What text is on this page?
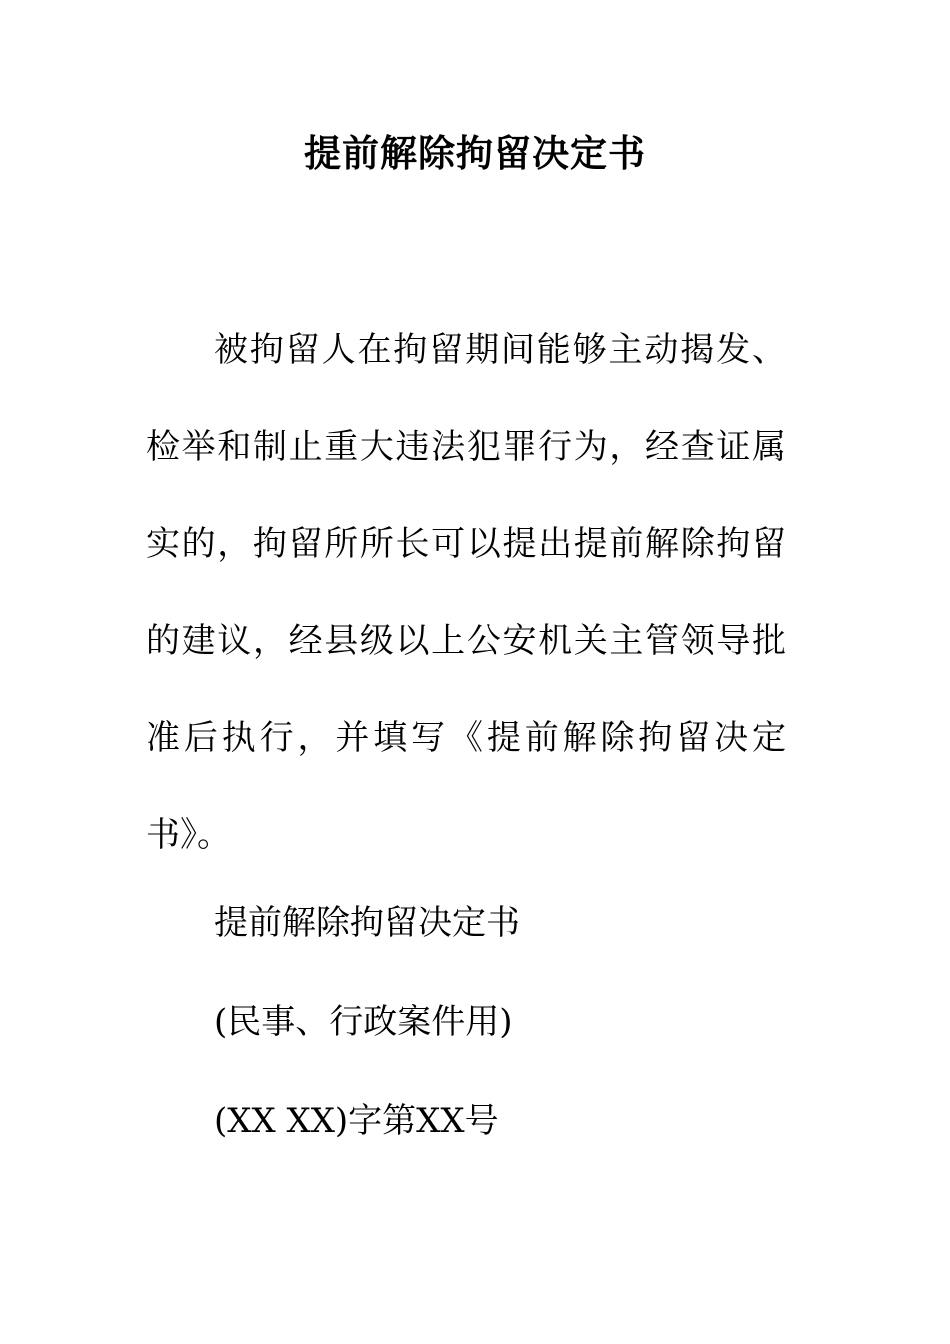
提前解除拘留决定书

被拘留人在拘留期间能够主动揭发、检举和制止重大违法犯罪行为，经查证属实的，拘留所所长可以提出提前解除拘留的建议，经县级以上公安机关主管领导批准后执行，并填写《提前解除拘留决定书》。

提前解除拘留决定书

(民事、行政案件用)

(XX XX)字第XX号
